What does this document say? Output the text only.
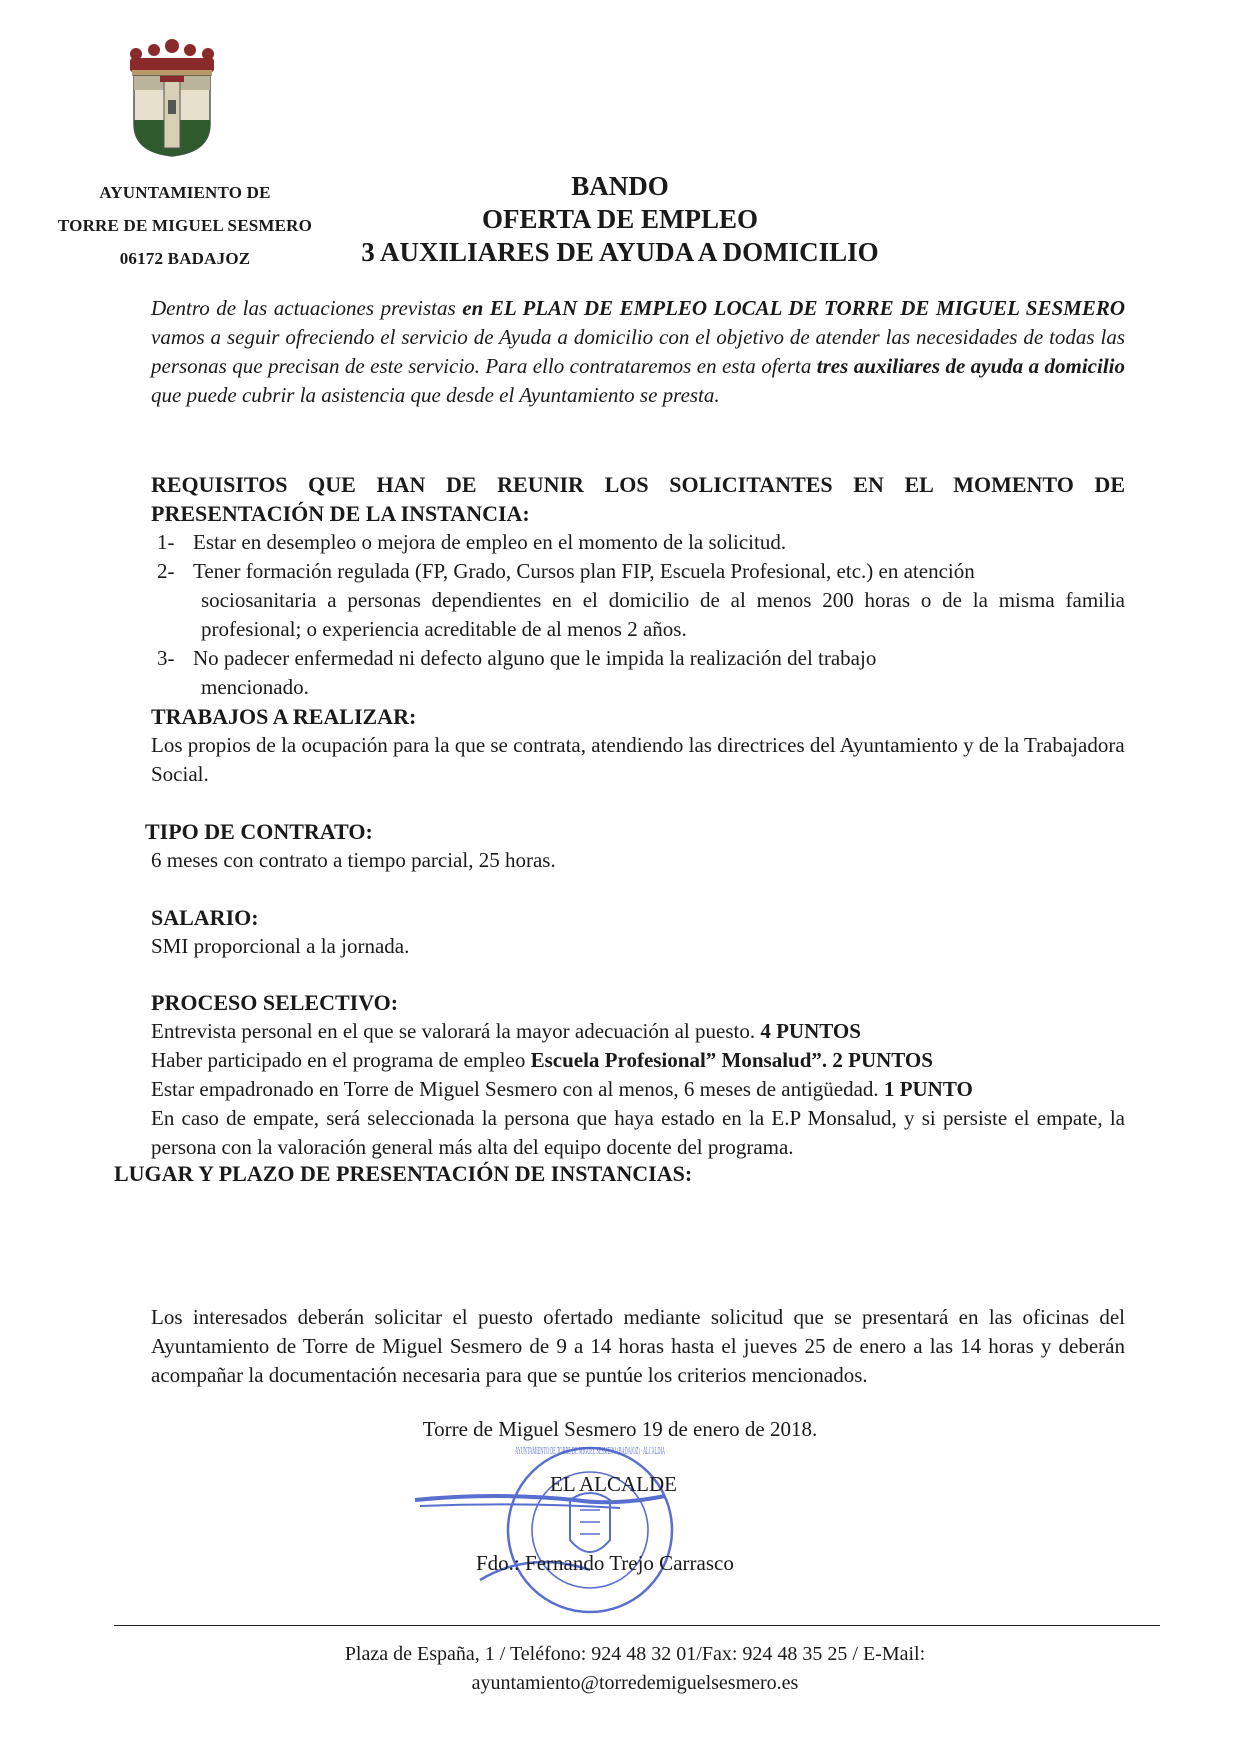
AYUNTAMIENTO DE
TORRE DE MIGUEL SESMERO
06172 BADAJOZ
BANDO
OFERTA DE EMPLEO
3 AUXILIARES DE AYUDA A DOMICILIO

Dentro de las actuaciones previstas en EL PLAN DE EMPLEO LOCAL DE TORRE DE MIGUEL SESMERO vamos a seguir ofreciendo el servicio de Ayuda a domicilio con el objetivo de atender las necesidades de todas las personas que precisan de este servicio. Para ello contrataremos en esta oferta tres auxiliares de ayuda a domicilio que puede cubrir la asistencia que desde el Ayuntamiento se presta.

REQUISITOS QUE HAN DE REUNIR LOS SOLICITANTES EN EL MOMENTO DE PRESENTACIÓN DE LA INSTANCIA:
1- Estar en desempleo o mejora de empleo en el momento de la solicitud.
2- Tener formación regulada (FP, Grado, Cursos plan FIP, Escuela Profesional, etc.) en atención
sociosanitaria a personas dependientes en el domicilio de al menos 200 horas o de la misma familia profesional; o experiencia acreditable de al menos 2 años.
3- No padecer enfermedad ni defecto alguno que le impida la realización del trabajo
mencionado.
TRABAJOS A REALIZAR:
Los propios de la ocupación para la que se contrata, atendiendo las directrices del Ayuntamiento y de la Trabajadora Social.
TIPO DE CONTRATO:
6 meses con contrato a tiempo parcial, 25 horas.
SALARIO:
SMI proporcional a la jornada.
PROCESO SELECTIVO:
Entrevista personal en el que se valorará la mayor adecuación al puesto. 4 PUNTOS
Haber participado en el programa de empleo Escuela Profesional” Monsalud”. 2 PUNTOS
Estar empadronado en Torre de Miguel Sesmero con al menos, 6 meses de antigüedad. 1 PUNTO
En caso de empate, será seleccionada la persona que haya estado en la E.P Monsalud, y si persiste el empate, la persona con la valoración general más alta del equipo docente del programa.
LUGAR Y PLAZO DE PRESENTACIÓN DE INSTANCIAS:
Los interesados deberán solicitar el puesto ofertado mediante solicitud que se presentará en las oficinas del Ayuntamiento de Torre de Miguel Sesmero de 9 a 14 horas hasta el jueves 25 de enero a las 14 horas y deberán acompañar la documentación necesaria para que se puntúe los criterios mencionados.
AYUNTAMIENTO DE TORRE DE MIGUEL SESMERO (BADAJOZ) · ALCALDIA
Torre de Miguel Sesmero 19 de enero de 2018.
EL ALCALDE
Fdo.: Fernando Trejo Carrasco
Plaza de España, 1 / Teléfono: 924 48 32 01/Fax: 924 48 35 25 / E-Mail:
ayuntamiento@torredemiguelsesmero.es
